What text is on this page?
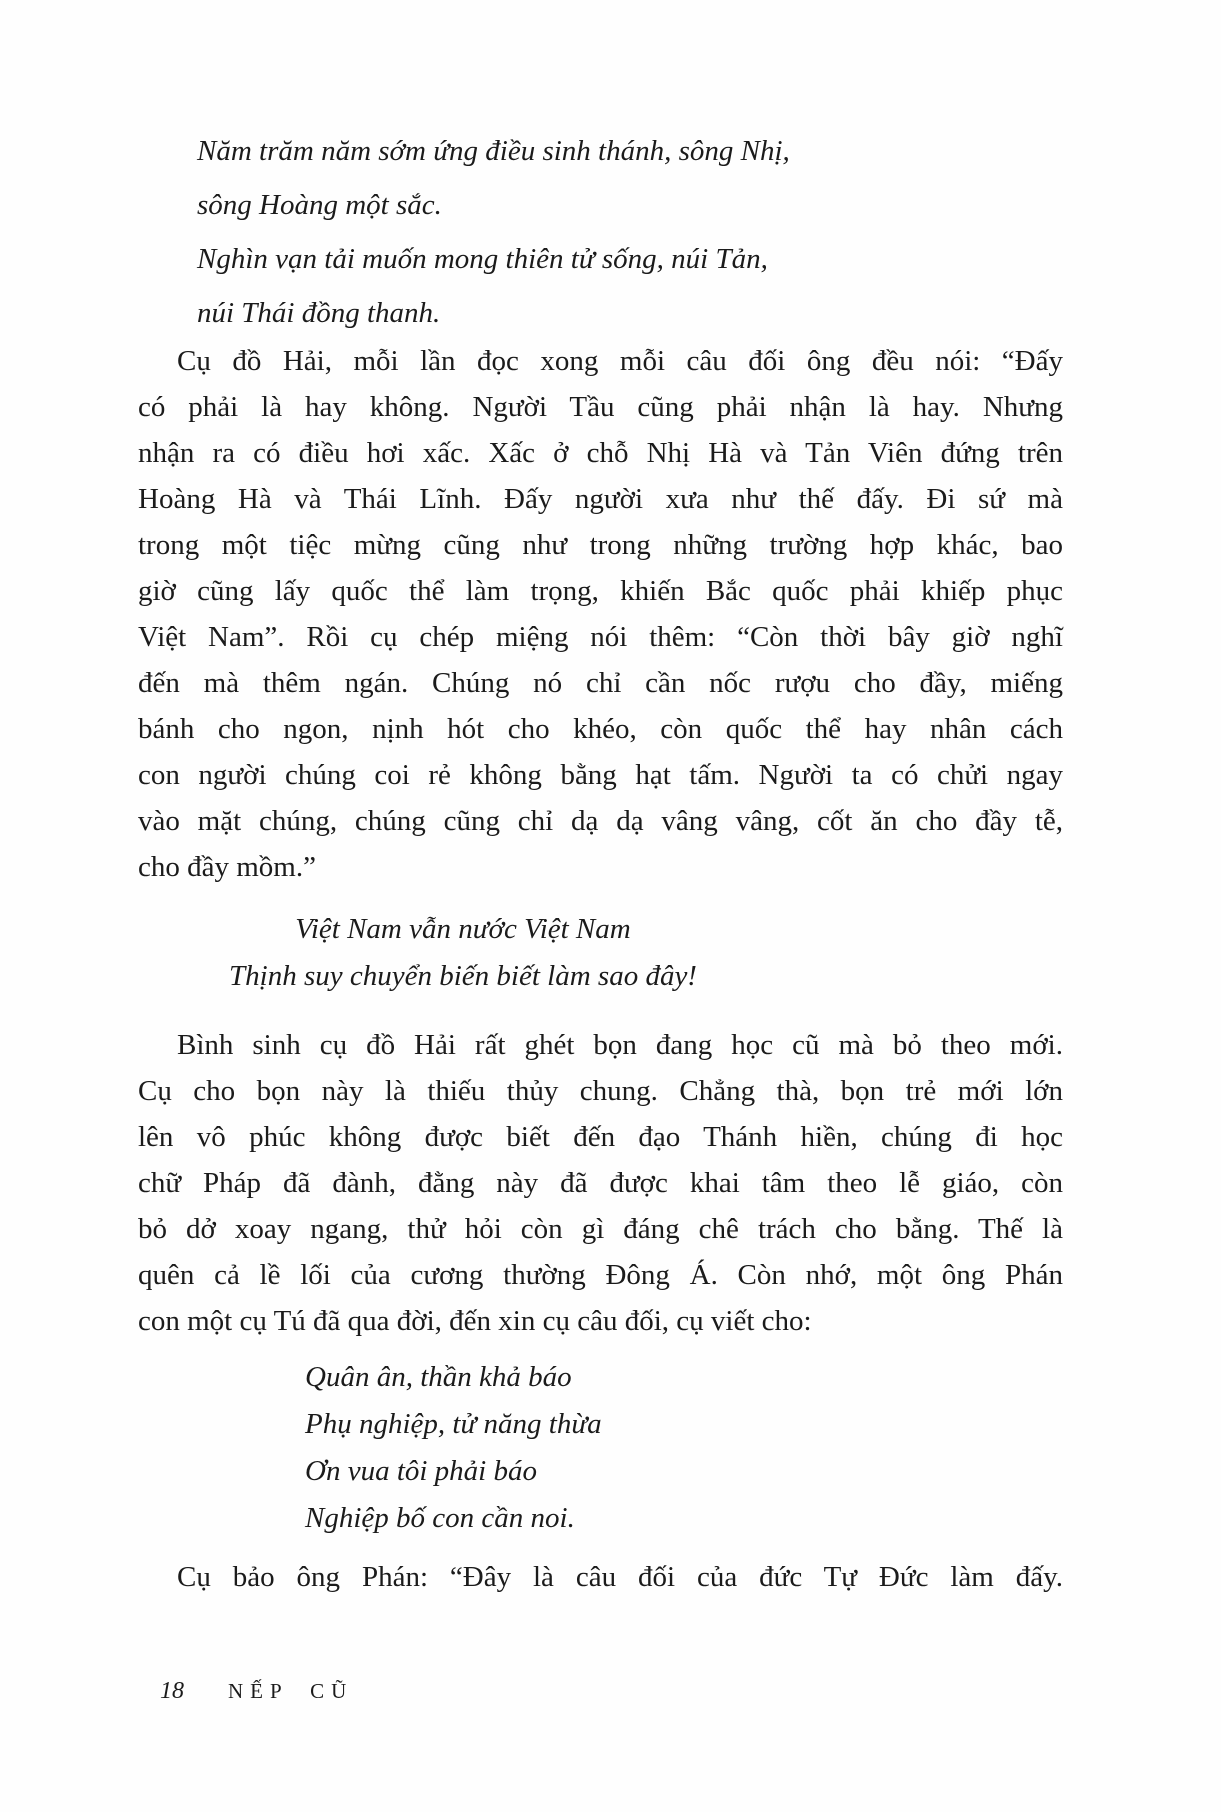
Năm trăm năm sớm ứng điều sinh thánh, sông Nhị,
sông Hoàng một sắc.
Nghìn vạn tải muốn mong thiên tử sống, núi Tản,
núi Thái đồng thanh.
Cụ đồ Hải, mỗi lần đọc xong mỗi câu đối ông đều nói: “Đấy
có phải là hay không. Người Tầu cũng phải nhận là hay. Nhưng
nhận ra có điều hơi xấc. Xấc ở chỗ Nhị Hà và Tản Viên đứng trên
Hoàng Hà và Thái Lĩnh. Đấy người xưa như thế đấy. Đi sứ mà
trong một tiệc mừng cũng như trong những trường hợp khác, bao
giờ cũng lấy quốc thể làm trọng, khiến Bắc quốc phải khiếp phục
Việt Nam”. Rồi cụ chép miệng nói thêm: “Còn thời bây giờ nghĩ
đến mà thêm ngán. Chúng nó chỉ cần nốc rượu cho đầy, miếng
bánh cho ngon, nịnh hót cho khéo, còn quốc thể hay nhân cách
con người chúng coi rẻ không bằng hạt tấm. Người ta có chửi ngay
vào mặt chúng, chúng cũng chỉ dạ dạ vâng vâng, cốt ăn cho đầy tễ,
cho đầy mồm.”
Việt Nam vẫn nước Việt Nam
Thịnh suy chuyển biến biết làm sao đây!
Bình sinh cụ đồ Hải rất ghét bọn đang học cũ mà bỏ theo mới.
Cụ cho bọn này là thiếu thủy chung. Chẳng thà, bọn trẻ mới lớn
lên vô phúc không được biết đến đạo Thánh hiền, chúng đi học
chữ Pháp đã đành, đằng này đã được khai tâm theo lễ giáo, còn
bỏ dở xoay ngang, thử hỏi còn gì đáng chê trách cho bằng. Thế là
quên cả lề lối của cương thường Đông Á. Còn nhớ, một ông Phán
con một cụ Tú đã qua đời, đến xin cụ câu đối, cụ viết cho:
Quân ân, thần khả báo
Phụ nghiệp, tử năng thừa
Ơn vua tôi phải báo
Nghiệp bố con cần noi.
Cụ bảo ông Phán: “Đây là câu đối của đức Tự Đức làm đấy.
18 NẾP CŨ
